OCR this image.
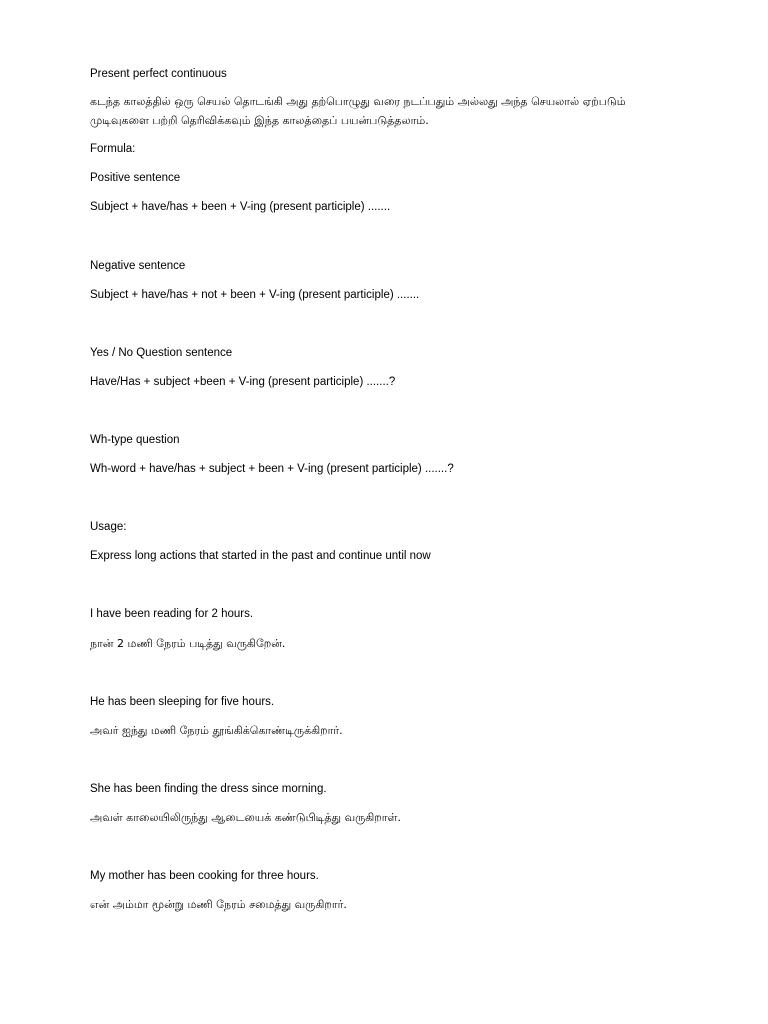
Present perfect continuous
கடந்த காலத்தில் ஒரு செயல் தொடங்கி அது தற்பொழுது வரை நடப்பதும் அல்லது அந்த செயலால் ஏற்படும்
முடிவுகளை பற்றி தெரிவிக்கவும் இந்த காலத்தைப் பயன்படுத்தலாம்.
Formula:
Positive sentence
Subject + have/has + been + V-ing (present participle) .......
Negative sentence
Subject + have/has + not + been + V-ing (present participle) .......
Yes / No Question sentence
Have/Has + subject +been + V-ing (present participle) .......?
Wh-type question
Wh-word + have/has + subject + been + V-ing (present participle) .......?
Usage:
Express long actions that started in the past and continue until now
I have been reading for 2 hours.
நான் 2 மணி நேரம் படித்து வருகிறேன்.
He has been sleeping for five hours.
அவர் ஐந்து மணி நேரம் தூங்கிக்கொண்டிருக்கிறார்.
She has been finding the dress since morning.
அவள் காலையிலிருந்து ஆடையைக் கண்டுபிடித்து வருகிறாள்.
My mother has been cooking for three hours.
என் அம்மா மூன்று மணி நேரம் சமைத்து வருகிறார்.
